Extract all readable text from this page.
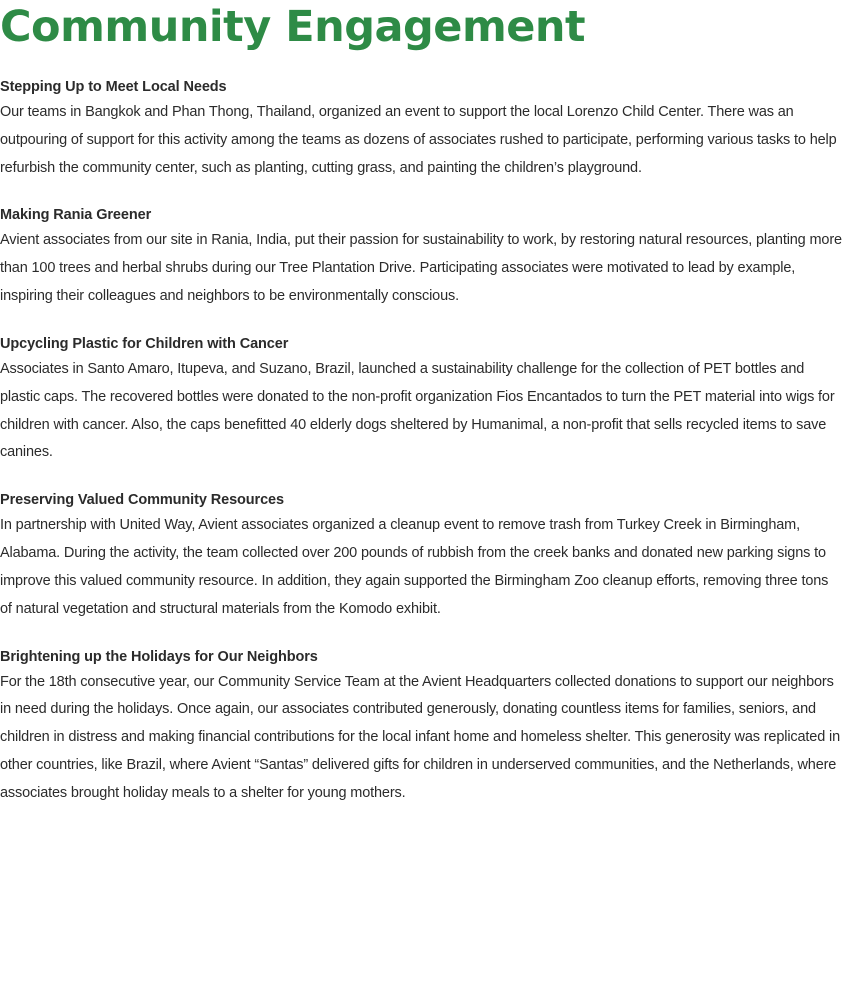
Community Engagement
Stepping Up to Meet Local Needs

Our teams in Bangkok and Phan Thong, Thailand, organized an event to support the local Lorenzo Child Center. There was an outpouring of support for this activity among the teams as dozens of associates rushed to participate, performing various tasks to help refurbish the community center, such as planting, cutting grass, and painting the children’s playground.

Making Rania Greener

Avient associates from our site in Rania, India, put their passion for sustainability to work, by restoring natural resources, planting more than 100 trees and herbal shrubs during our Tree Plantation Drive. Participating associates were motivated to lead by example, inspiring their colleagues and neighbors to be environmentally conscious.

Upcycling Plastic for Children with Cancer

Associates in Santo Amaro, Itupeva, and Suzano, Brazil, launched a sustainability challenge for the collection of PET bottles and plastic caps. The recovered bottles were donated to the non-profit organization Fios Encantados to turn the PET material into wigs for children with cancer. Also, the caps benefitted 40 elderly dogs sheltered by Humanimal, a non-profit that sells recycled items to save canines.

Preserving Valued Community Resources

In partnership with United Way, Avient associates organized a cleanup event to remove trash from Turkey Creek in Birmingham, Alabama. During the activity, the team collected over 200 pounds of rubbish from the creek banks and donated new parking signs to improve this valued community resource. In addition, they again supported the Birmingham Zoo cleanup efforts, removing three tons of natural vegetation and structural materials from the Komodo exhibit.

Brightening up the Holidays for Our Neighbors

For the 18th consecutive year, our Community Service Team at the Avient Headquarters collected donations to support our neighbors in need during the holidays. Once again, our associates contributed generously, donating countless items for families, seniors, and children in distress and making financial contributions for the local infant home and homeless shelter. This generosity was replicated in other countries, like Brazil, where Avient “Santas” delivered gifts for children in underserved communities, and the Netherlands, where associates brought holiday meals to a shelter for young mothers.
